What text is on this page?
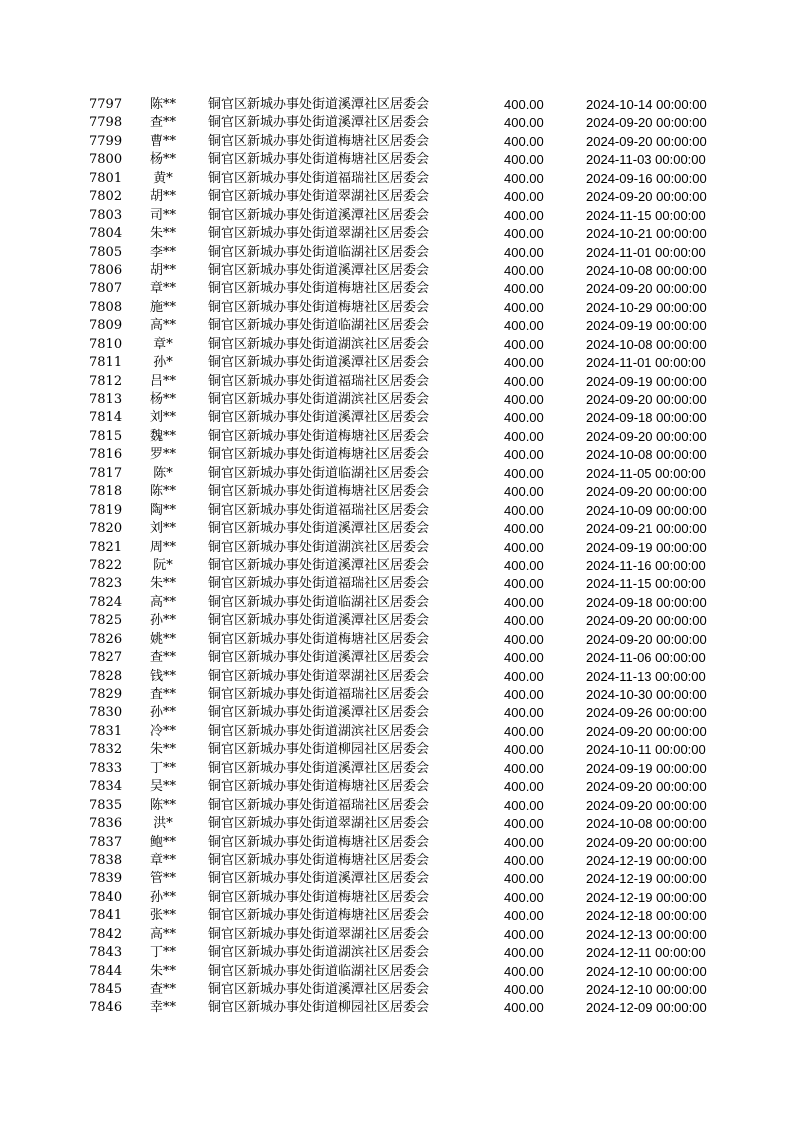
7797	陈**	铜官区新城办事处街道溪潭社区居委会	400.00	2024-10-14 00:00:00
7798	查**	铜官区新城办事处街道溪潭社区居委会	400.00	2024-09-20 00:00:00
7799	曹**	铜官区新城办事处街道梅塘社区居委会	400.00	2024-09-20 00:00:00
7800	杨**	铜官区新城办事处街道梅塘社区居委会	400.00	2024-11-03 00:00:00
7801	黄*	铜官区新城办事处街道福瑞社区居委会	400.00	2024-09-16 00:00:00
7802	胡**	铜官区新城办事处街道翠湖社区居委会	400.00	2024-09-20 00:00:00
7803	司**	铜官区新城办事处街道溪潭社区居委会	400.00	2024-11-15 00:00:00
7804	朱**	铜官区新城办事处街道翠湖社区居委会	400.00	2024-10-21 00:00:00
7805	李**	铜官区新城办事处街道临湖社区居委会	400.00	2024-11-01 00:00:00
7806	胡**	铜官区新城办事处街道溪潭社区居委会	400.00	2024-10-08 00:00:00
7807	章**	铜官区新城办事处街道梅塘社区居委会	400.00	2024-09-20 00:00:00
7808	施**	铜官区新城办事处街道梅塘社区居委会	400.00	2024-10-29 00:00:00
7809	高**	铜官区新城办事处街道临湖社区居委会	400.00	2024-09-19 00:00:00
7810	章*	铜官区新城办事处街道湖滨社区居委会	400.00	2024-10-08 00:00:00
7811	孙*	铜官区新城办事处街道溪潭社区居委会	400.00	2024-11-01 00:00:00
7812	吕**	铜官区新城办事处街道福瑞社区居委会	400.00	2024-09-19 00:00:00
7813	杨**	铜官区新城办事处街道湖滨社区居委会	400.00	2024-09-20 00:00:00
7814	刘**	铜官区新城办事处街道溪潭社区居委会	400.00	2024-09-18 00:00:00
7815	魏**	铜官区新城办事处街道梅塘社区居委会	400.00	2024-09-20 00:00:00
7816	罗**	铜官区新城办事处街道梅塘社区居委会	400.00	2024-10-08 00:00:00
7817	陈*	铜官区新城办事处街道临湖社区居委会	400.00	2024-11-05 00:00:00
7818	陈**	铜官区新城办事处街道梅塘社区居委会	400.00	2024-09-20 00:00:00
7819	陶**	铜官区新城办事处街道福瑞社区居委会	400.00	2024-10-09 00:00:00
7820	刘**	铜官区新城办事处街道溪潭社区居委会	400.00	2024-09-21 00:00:00
7821	周**	铜官区新城办事处街道湖滨社区居委会	400.00	2024-09-19 00:00:00
7822	阮*	铜官区新城办事处街道溪潭社区居委会	400.00	2024-11-16 00:00:00
7823	朱**	铜官区新城办事处街道福瑞社区居委会	400.00	2024-11-15 00:00:00
7824	高**	铜官区新城办事处街道临湖社区居委会	400.00	2024-09-18 00:00:00
7825	孙**	铜官区新城办事处街道溪潭社区居委会	400.00	2024-09-20 00:00:00
7826	姚**	铜官区新城办事处街道梅塘社区居委会	400.00	2024-09-20 00:00:00
7827	查**	铜官区新城办事处街道溪潭社区居委会	400.00	2024-11-06 00:00:00
7828	钱**	铜官区新城办事处街道翠湖社区居委会	400.00	2024-11-13 00:00:00
7829	査**	铜官区新城办事处街道福瑞社区居委会	400.00	2024-10-30 00:00:00
7830	孙**	铜官区新城办事处街道溪潭社区居委会	400.00	2024-09-26 00:00:00
7831	冷**	铜官区新城办事处街道湖滨社区居委会	400.00	2024-09-20 00:00:00
7832	朱**	铜官区新城办事处街道柳园社区居委会	400.00	2024-10-11 00:00:00
7833	丁**	铜官区新城办事处街道溪潭社区居委会	400.00	2024-09-19 00:00:00
7834	吴**	铜官区新城办事处街道梅塘社区居委会	400.00	2024-09-20 00:00:00
7835	陈**	铜官区新城办事处街道福瑞社区居委会	400.00	2024-09-20 00:00:00
7836	洪*	铜官区新城办事处街道翠湖社区居委会	400.00	2024-10-08 00:00:00
7837	鲍**	铜官区新城办事处街道梅塘社区居委会	400.00	2024-09-20 00:00:00
7838	章**	铜官区新城办事处街道梅塘社区居委会	400.00	2024-12-19 00:00:00
7839	管**	铜官区新城办事处街道溪潭社区居委会	400.00	2024-12-19 00:00:00
7840	孙**	铜官区新城办事处街道梅塘社区居委会	400.00	2024-12-19 00:00:00
7841	张**	铜官区新城办事处街道梅塘社区居委会	400.00	2024-12-18 00:00:00
7842	高**	铜官区新城办事处街道翠湖社区居委会	400.00	2024-12-13 00:00:00
7843	丁**	铜官区新城办事处街道湖滨社区居委会	400.00	2024-12-11 00:00:00
7844	朱**	铜官区新城办事处街道临湖社区居委会	400.00	2024-12-10 00:00:00
7845	查**	铜官区新城办事处街道溪潭社区居委会	400.00	2024-12-10 00:00:00
7846	幸**	铜官区新城办事处街道柳园社区居委会	400.00	2024-12-09 00:00:00
